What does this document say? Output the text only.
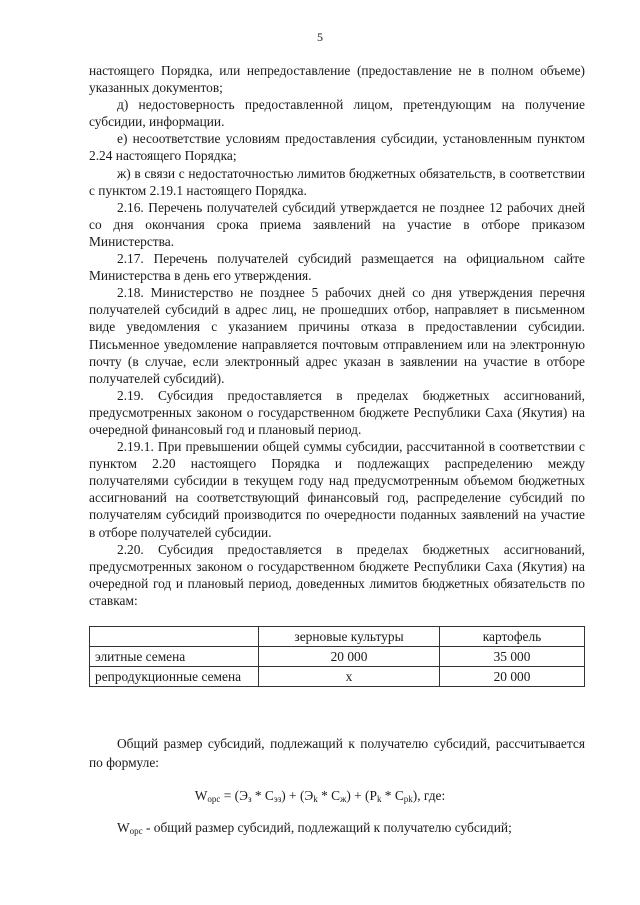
5

настоящего Порядка, или непредоставление (предоставление не в полном объеме) указанных документов;

д) недостоверность предоставленной лицом, претендующим на получение субсидии, информации.

е) несоответствие условиям предоставления субсидии, установленным пунктом 2.24 настоящего Порядка;

ж) в связи с недостаточностью лимитов бюджетных обязательств, в соответствии с пунктом 2.19.1 настоящего Порядка.

2.16. Перечень получателей субсидий утверждается не позднее 12 рабочих дней со дня окончания срока приема заявлений на участие в отборе приказом Министерства.

2.17. Перечень получателей субсидий размещается на официальном сайте Министерства в день его утверждения.

2.18. Министерство не позднее 5 рабочих дней со дня утверждения перечня получателей субсидий в адрес лиц, не прошедших отбор, направляет в письменном виде уведомления с указанием причины отказа в предоставлении субсидии. Письменное уведомление направляется почтовым отправлением или на электронную почту (в случае, если электронный адрес указан в заявлении на участие в отборе получателей субсидий).

2.19. Субсидия предоставляется в пределах бюджетных ассигнований, предусмотренных законом о государственном бюджете Республики Саха (Якутия) на очередной финансовый год и плановый период.

2.19.1. При превышении общей суммы субсидии, рассчитанной в соответствии с пунктом 2.20 настоящего Порядка и подлежащих распределению между получателями субсидии в текущем году над предусмотренным объемом бюджетных ассигнований на соответствующий финансовый год, распределение субсидий по получателям субсидий производится по очередности поданных заявлений на участие в отборе получателей субсидии.

2.20. Субсидия предоставляется в пределах бюджетных ассигнований, предусмотренных законом о государственном бюджете Республики Саха (Якутия) на очередной год и плановый период, доведенных лимитов бюджетных обязательств по ставкам:

	зерновые культуры	картофель
элитные семена	20 000	35 000
репродукционные семена	х	20 000

Общий размер субсидий, подлежащий к получателю субсидий, рассчитывается по формуле:

$W_{opc} = (Э_з * С_{эз}) + (Э_k * С_ж) + (Р_k * С_{pk})$, где:
$W_{opc}$ - общий размер субсидий, подлежащий к получателю субсидий;
